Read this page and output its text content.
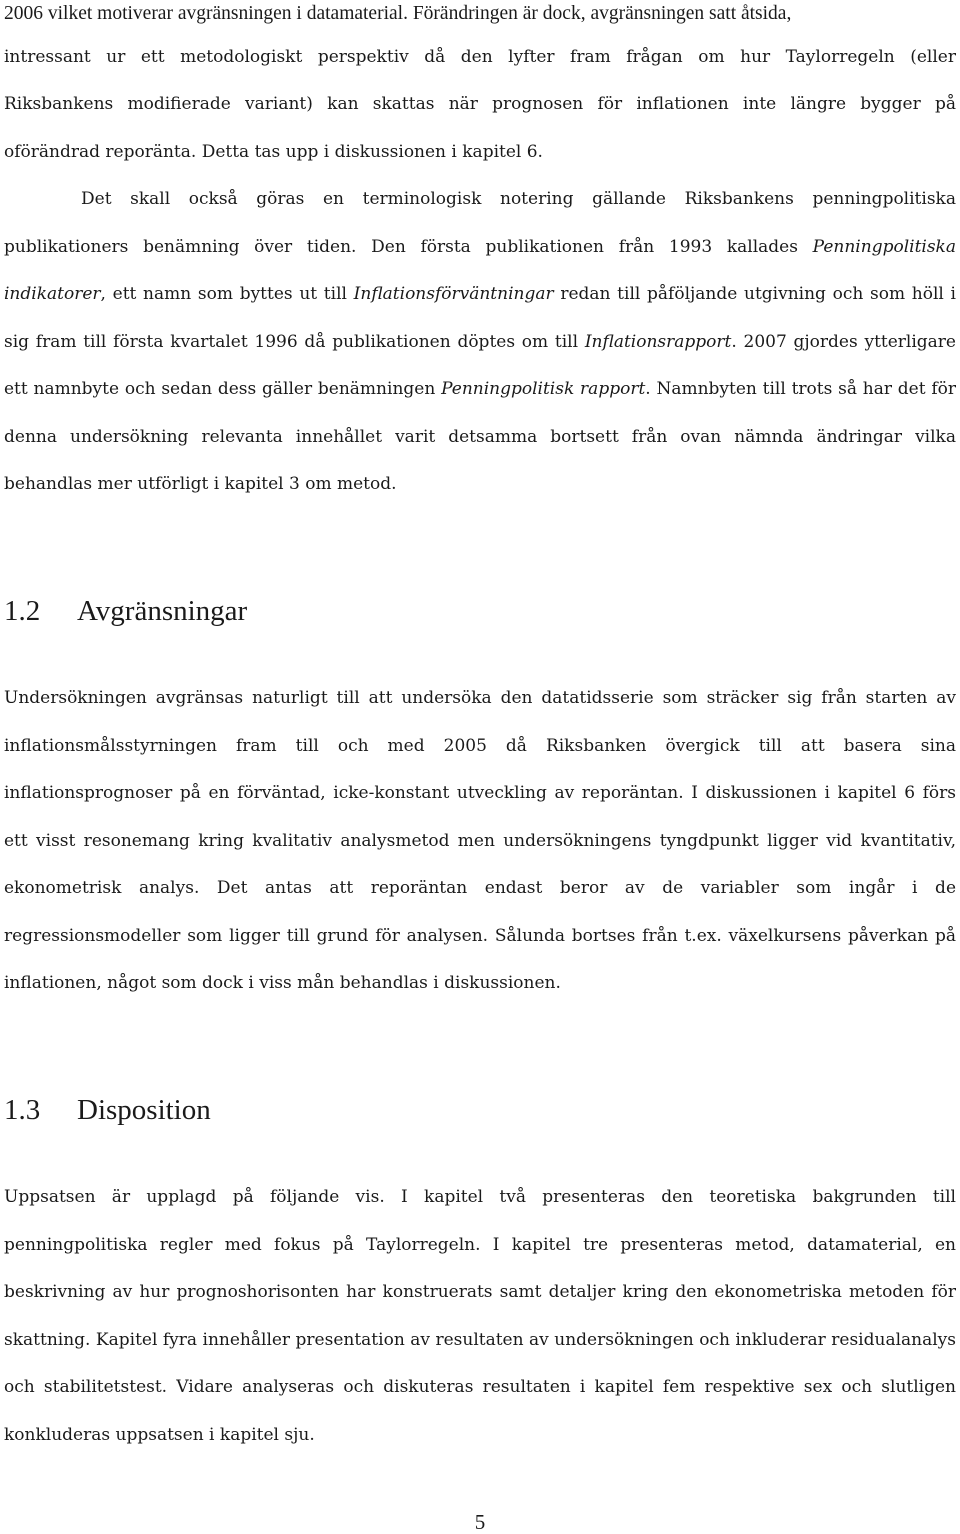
2006 vilket motiverar avgränsningen i datamaterial. Förändringen är dock, avgränsningen satt åtsida,
intressant ur ett metodologiskt perspektiv då den lyfter fram frågan om hur Taylorregeln (eller
Riksbankens modifierade variant) kan skattas när prognosen för inflationen inte längre bygger på
oförändrad reporänta. Detta tas upp i diskussionen i kapitel 6.

Det skall också göras en terminologisk notering gällande Riksbankens penningpolitiska publikationers benämning över tiden. Den första publikationen från 1993 kallades Penningpolitiska indikatorer, ett namn som byttes ut till Inflationsförväntningar redan till påföljande utgivning och som höll i sig fram till första kvartalet 1996 då publikationen döptes om till Inflationsrapport. 2007 gjordes ytterligare ett namnbyte och sedan dess gäller benämningen Penningpolitisk rapport. Namnbyten till trots så har det för denna undersökning relevanta innehållet varit detsamma bortsett från ovan nämnda ändringar vilka behandlas mer utförligt i kapitel 3 om metod.

1.2 Avgränsningar

Undersökningen avgränsas naturligt till att undersöka den datatidsserie som sträcker sig från starten av inflationsmålsstyrningen fram till och med 2005 då Riksbanken övergick till att basera sina inflationsprognoser på en förväntad, icke-konstant utveckling av reporäntan. I diskussionen i kapitel 6 förs ett visst resonemang kring kvalitativ analysmetod men undersökningens tyngdpunkt ligger vid kvantitativ, ekonometrisk analys. Det antas att reporäntan endast beror av de variabler som ingår i de regressionsmodeller som ligger till grund för analysen. Sålunda bortses från t.ex. växelkursens påverkan på inflationen, något som dock i viss mån behandlas i diskussionen.

1.3 Disposition

Uppsatsen är upplagd på följande vis. I kapitel två presenteras den teoretiska bakgrunden till penningpolitiska regler med fokus på Taylorregeln. I kapitel tre presenteras metod, datamaterial, en beskrivning av hur prognoshorisonten har konstruerats samt detaljer kring den ekonometriska metoden för skattning. Kapitel fyra innehåller presentation av resultaten av undersökningen och inkluderar residualanalys och stabilitetstest. Vidare analyseras och diskuteras resultaten i kapitel fem respektive sex och slutligen konkluderas uppsatsen i kapitel sju.

5
